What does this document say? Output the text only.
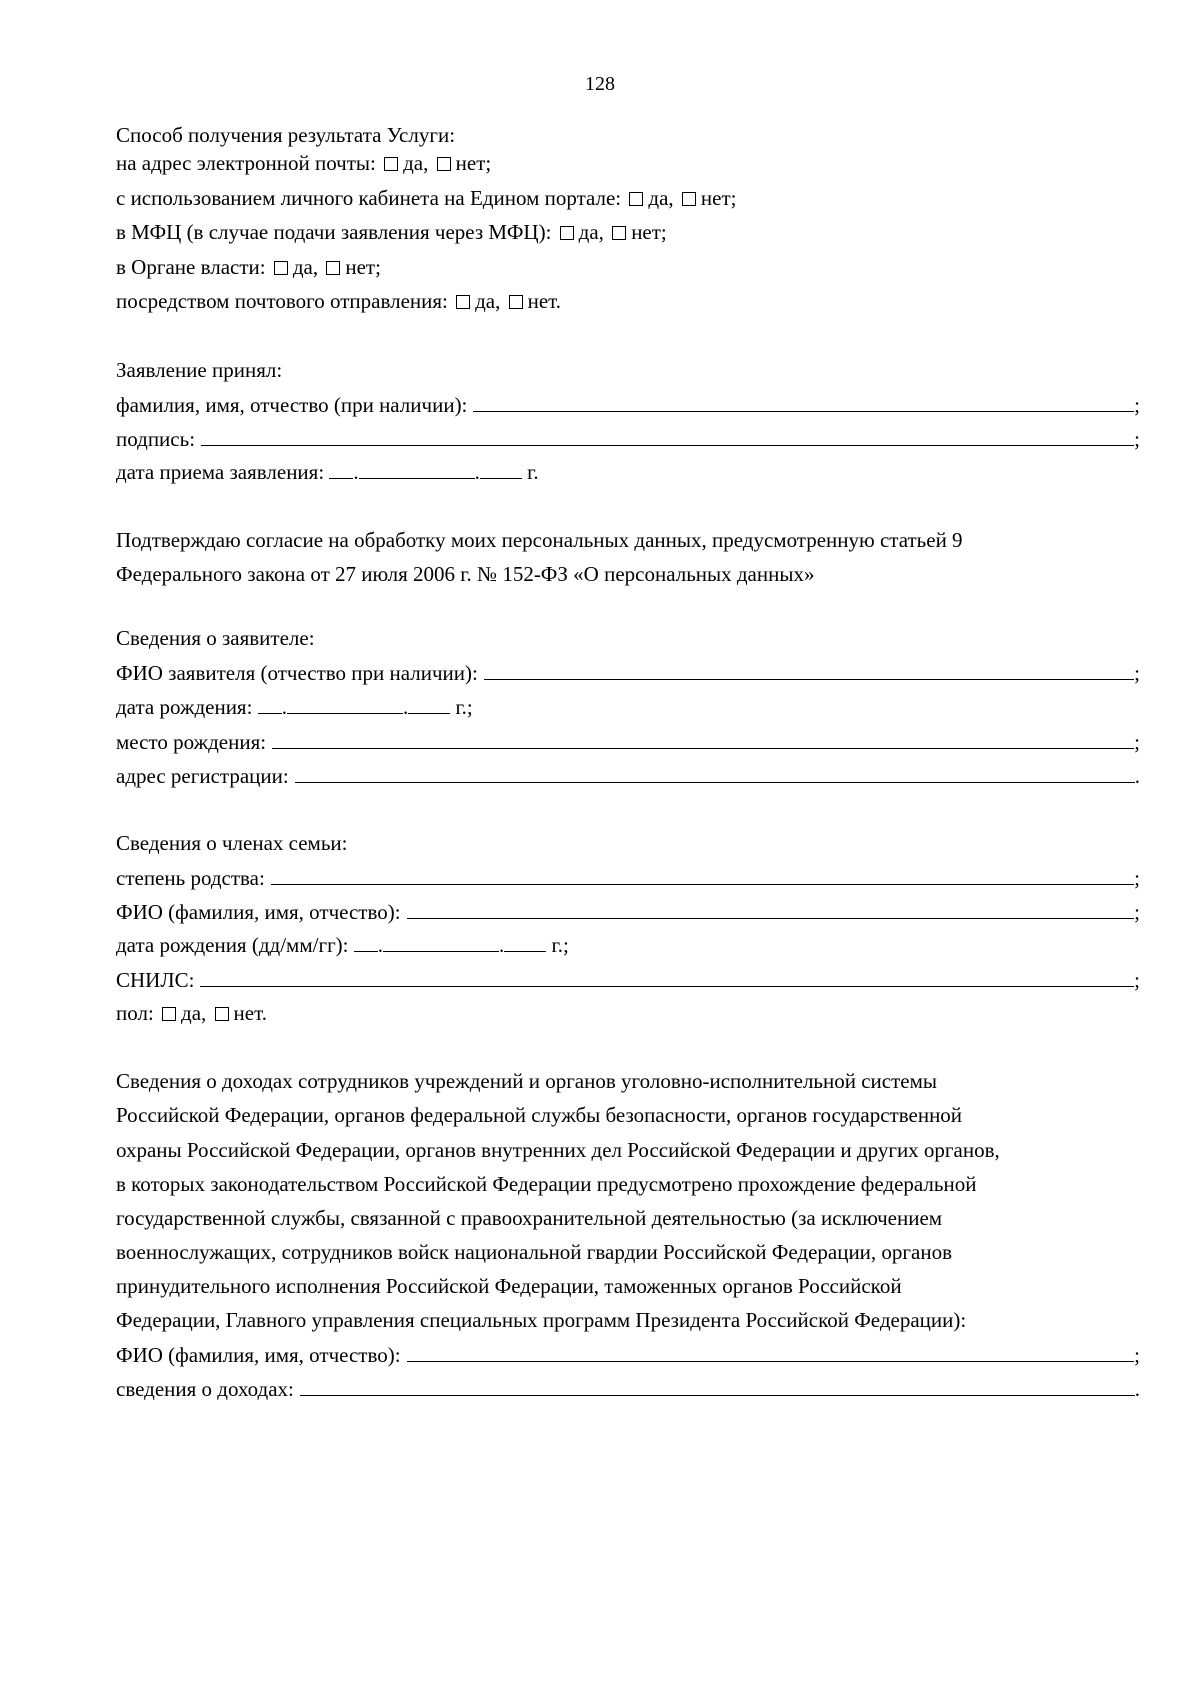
128
Способ получения результата Услуги:
на адрес электронной почты: да, нет;
с использованием личного кабинета на Едином портале: да, нет;
в МФЦ (в случае подачи заявления через МФЦ): да, нет;
в Органе власти: да, нет;
посредством почтового отправления: да, нет.
Заявление принял:
фамилия, имя, отчество (при наличии):	;
подпись:	;
дата приема заявления: .	. г.
Подтверждаю согласие на обработку моих персональных данных, предусмотренную статьей 9
Федерального закона от 27 июля 2006 г. № 152-ФЗ «О персональных данных»
Сведения о заявителе:
ФИО заявителя (отчество при наличии):	;
дата рождения: .	. г.;
место рождения:	;
адрес регистрации:	.
Сведения о членах семьи:
степень родства:	;
ФИО (фамилия, имя, отчество):	;
дата рождения (дд/мм/гг): .	. г.;
СНИЛС:	;
пол: да, нет.
Сведения о доходах сотрудников учреждений и органов уголовно-исполнительной системы
Российской Федерации, органов федеральной службы безопасности, органов государственной
охраны Российской Федерации, органов внутренних дел Российской Федерации и других органов,
в которых законодательством Российской Федерации предусмотрено прохождение федеральной
государственной службы, связанной с правоохранительной деятельностью (за исключением
военнослужащих, сотрудников войск национальной гвардии Российской Федерации, органов
принудительного исполнения Российской Федерации, таможенных органов Российской
Федерации, Главного управления специальных программ Президента Российской Федерации):
ФИО (фамилия, имя, отчество):	;
сведения о доходах:	.
